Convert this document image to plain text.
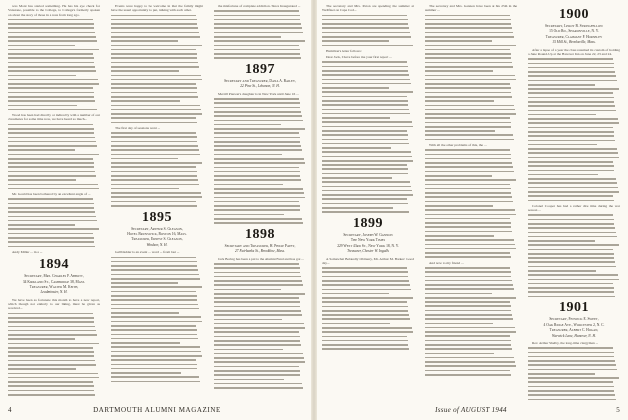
was Mont has started something. He has his eye check for Vanstone, possible to the College, to College's formerly spoken on about the story of those in a note from long ago.

Wood has been had directly or indirectly with a number of our classmates for some time now, we have heard so much...

Mr. Gould has been bothered by an excellent angle of ...

Andy Miller ... in a ...

1894
Secretary, Mrs. Charles F. Abbott,
34 Kirkland St., Cambridge 38, Mass.
Treasurer, Walter M. Keith,
Leadminster, N. H.

We have been as fortunate this month to have a new report, which though not entirely to our liking, must be given as received...

Events were happy to be welcome in that the family might have the usual opportunity to put, talking with each other.

The first day of sessions went ...

1895
Secretary, Arthur S. Gleason,
Hotel Brunswick, Boston 16, Mass.
Treasurer, Ernest S. Gleason,
Windsor, N. H.

Gallbladder is an event ... word ... from last ...

the misfortune of complete addiction. Since Inaugurated ...

1897
Secretary and Treasurer, Dana A. Bailey,
22 Pine St., Lebanon, N. H.

Merrill Pierson's daughter is in New York until June 16 ...

1898
Secretary and Treasurer, H. Philip Patey,
27 Fairbanks St., Brookline, Mass.

Jack Boring has been a pal to the Alumni Fund and has got ...

The secretary and Mrs. Paton are spending the summer at Wellfleet on Cape Cod...

Hamilton's letter follows:

Dear Jack, I have before me your first report ...

1899
Secretary, Joseph W. Gannon
The New York Times
229 West 43rd St., New York 18, N. Y.
Treasurer, Chester W. Ingalls

A Somewhat Belatedly Obituary, Mr. Arthur M. Barker: Good day...

The secretary and Mrs. Gannon have been at his 25th in the summer ...

With all the other problems of this, the ...

And now to my friend ...

1900
Secretary, Leroy B. Stringfellow
15 Old Rd., Sharonville, N. Y.
Treasurer, Claimant F. Horseley
15 Mill St., Brooksville, Mass.

After a lapse of a year the class resumed its custom of holding a June Round-Up at the Hanover Inn on June 22, 23 and 24.

Colonel Cooper has had a rather dire time during the war season ...

1901
Secretary, Fenwick E. Sweet,
4 Oak Ridge Ave., Worcester 2, N. C.
Treasurer, Albert C. Hogan,
Warwick Lane, Hanover, N. H.

Rev. Arthur Shelby, the long-time clergyman ...

4	DARTMOUTH ALUMNI MAGAZINE	Issue of AUGUST 1944	5
